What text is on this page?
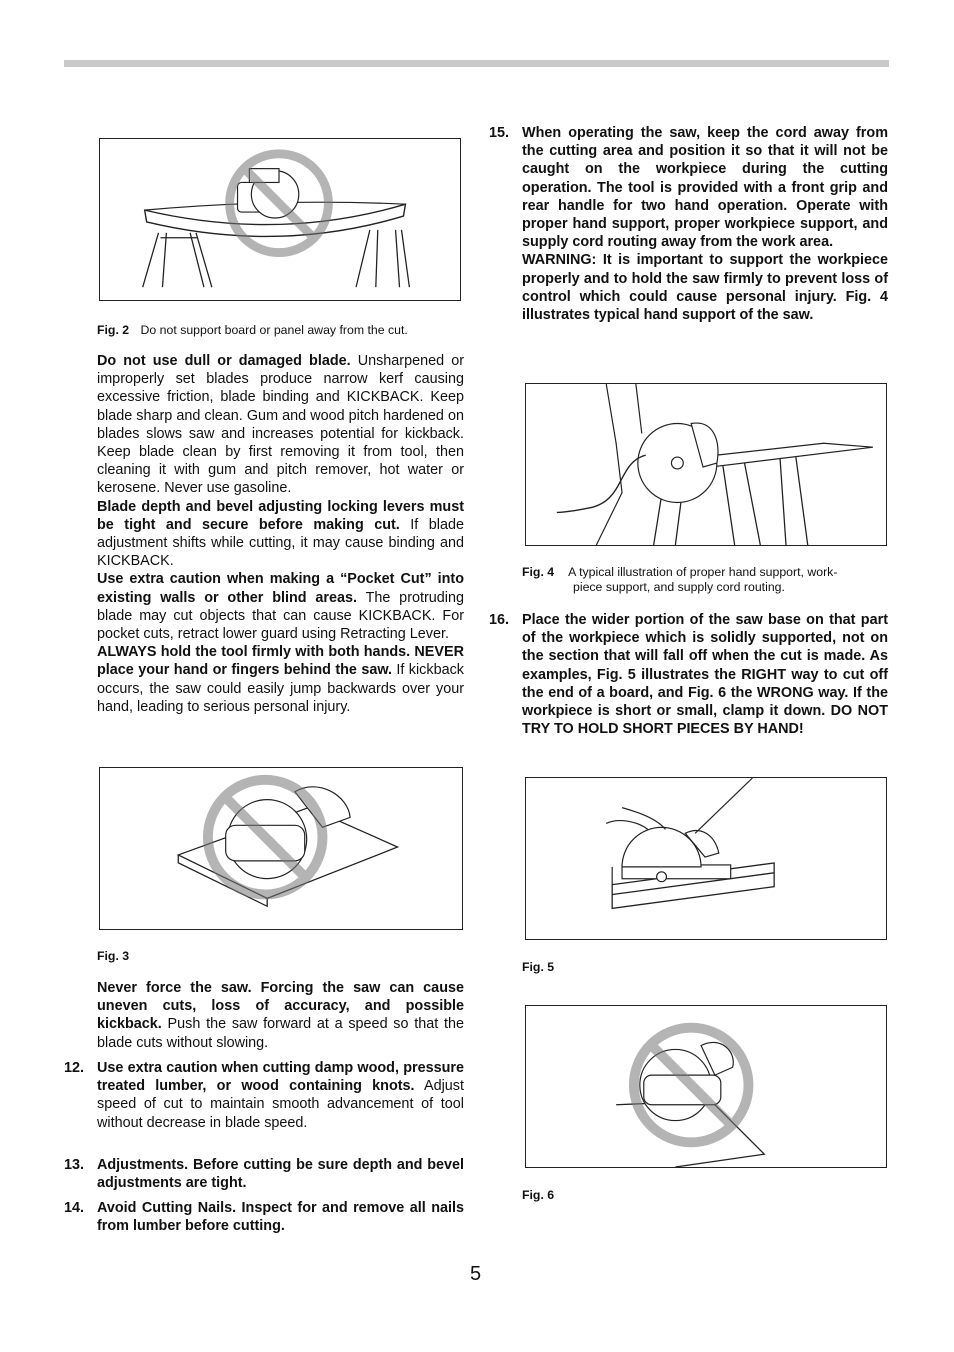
Fig. 2 Do not support board or panel away from the cut.

Do not use dull or damaged blade. Unsharpened or improperly set blades produce narrow kerf causing excessive friction, blade binding and KICKBACK. Keep blade sharp and clean. Gum and wood pitch hardened on blades slows saw and increases potential for kickback. Keep blade clean by first removing it from tool, then cleaning it with gum and pitch remover, hot water or kerosene. Never use gasoline.

Blade depth and bevel adjusting locking levers must be tight and secure before making cut. If blade adjustment shifts while cutting, it may cause binding and KICKBACK.

Use extra caution when making a “Pocket Cut” into existing walls or other blind areas. The protruding blade may cut objects that can cause KICKBACK. For pocket cuts, retract lower guard using Retracting Lever.

ALWAYS hold the tool firmly with both hands. NEVER place your hand or fingers behind the saw. If kickback occurs, the saw could easily jump backwards over your hand, leading to serious personal injury.

Fig. 3

Never force the saw. Forcing the saw can cause uneven cuts, loss of accuracy, and possible kickback. Push the saw forward at a speed so that the blade cuts without slowing.

12. Use extra caution when cutting damp wood, pressure treated lumber, or wood containing knots. Adjust speed of cut to maintain smooth advancement of tool without decrease in blade speed.
13. Adjustments. Before cutting be sure depth and bevel adjustments are tight.
14. Avoid Cutting Nails. Inspect for and remove all nails from lumber before cutting.
15. When operating the saw, keep the cord away from the cutting area and position it so that it will not be caught on the workpiece during the cutting operation. The tool is provided with a front grip and rear handle for two hand operation. Operate with proper hand support, proper workpiece support, and supply cord routing away from the work area.
WARNING: It is important to support the workpiece properly and to hold the saw firmly to prevent loss of control which could cause personal injury. Fig. 4 illustrates typical hand support of the saw.
Fig. 4 A typical illustration of proper hand support, work-
piece support, and supply cord routing.
16. Place the wider portion of the saw base on that part of the workpiece which is solidly supported, not on the section that will fall off when the cut is made. As examples, Fig. 5 illustrates the RIGHT way to cut off the end of a board, and Fig. 6 the WRONG way. If the workpiece is short or small, clamp it down. DO NOT TRY TO HOLD SHORT PIECES BY HAND!
Fig. 5
Fig. 6
5
